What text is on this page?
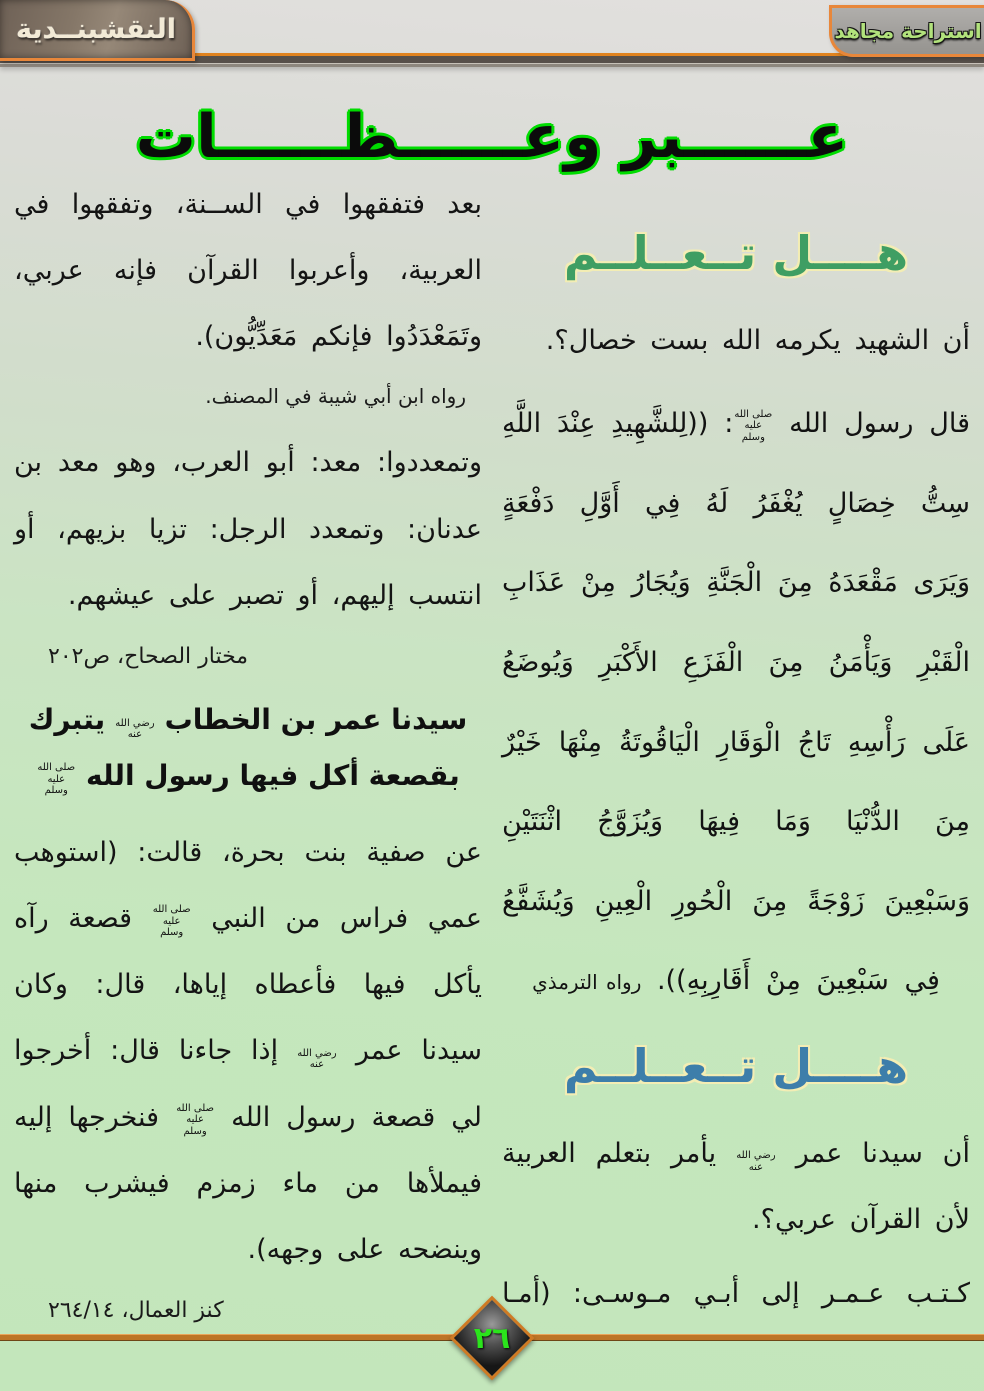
النقشبنــدية	استراحة مجاهد
عــــــبر وعــــــظــــــات
هــــل تــعــلــم

أن الشهيد يكرمه الله بست خصال؟.

قال رسول الله صلى الله عليه وسلم: ((لِلشَّهِيدِ عِنْدَ اللَّهِ سِتُّ خِصَالٍ يُغْفَرُ لَهُ فِي أَوَّلِ دَفْعَةٍ وَيَرَى مَقْعَدَهُ مِنَ الْجَنَّةِ وَيُجَارُ مِنْ عَذَابِ الْقَبْرِ وَيَأْمَنُ مِنَ الْفَزَعِ الأَكْبَرِ وَيُوضَعُ عَلَى رَأْسِهِ تَاجُ الْوَقَارِ الْيَاقُوتَةُ مِنْهَا خَيْرٌ مِنَ الدُّنْيَا وَمَا فِيهَا وَيُزَوَّجُ اثْنَتَيْنِ وَسَبْعِينَ زَوْجَةً مِنَ الْحُورِ الْعِينِ وَيُشَفَّعُ فِي سَبْعِينَ مِنْ أَقَارِبِهِ)). رواه الترمذي

هــــل تــعــلــم

أن سيدنا عمر رضي الله عنه يأمر بتعلم العربية لأن القرآن عربي؟.

كـتـب عـمـر إلى أبـي مـوسـى: (أمـا

بعد فتفقهوا في الســنة، وتفقهوا في العربية، وأعربوا القرآن فإنه عربي، وتَمَعْدَدُوا فإنكم مَعَدِّيُّون).

رواه ابن أبي شيبة في المصنف.

وتمعددوا: معد: أبو العرب، وهو معد بن عدنان: وتمعدد الرجل: تزيا بزيهم، أو انتسب إليهم، أو تصبر على عيشهم.

مختار الصحاح، ص٢٠٢

سيدنا عمر بن الخطاب رضي الله عنه يتبرك بقصعة أكل فيها رسول الله صلى الله عليه وسلم

عن صفية بنت بحرة، قالت: (استوهب عمي فراس من النبي صلى الله عليه وسلم قصعة رآه يأكل فيها فأعطاه إياها، قال: وكان سيدنا عمر رضي الله عنه إذا جاءنا قال: أخرجوا لي قصعة رسول الله صلى الله عليه وسلم فنخرجها إليه فيملأها من ماء زمزم فيشرب منها وينضحه على وجهه).

كنز العمال، ٢٦٤/١٤

٢٦
